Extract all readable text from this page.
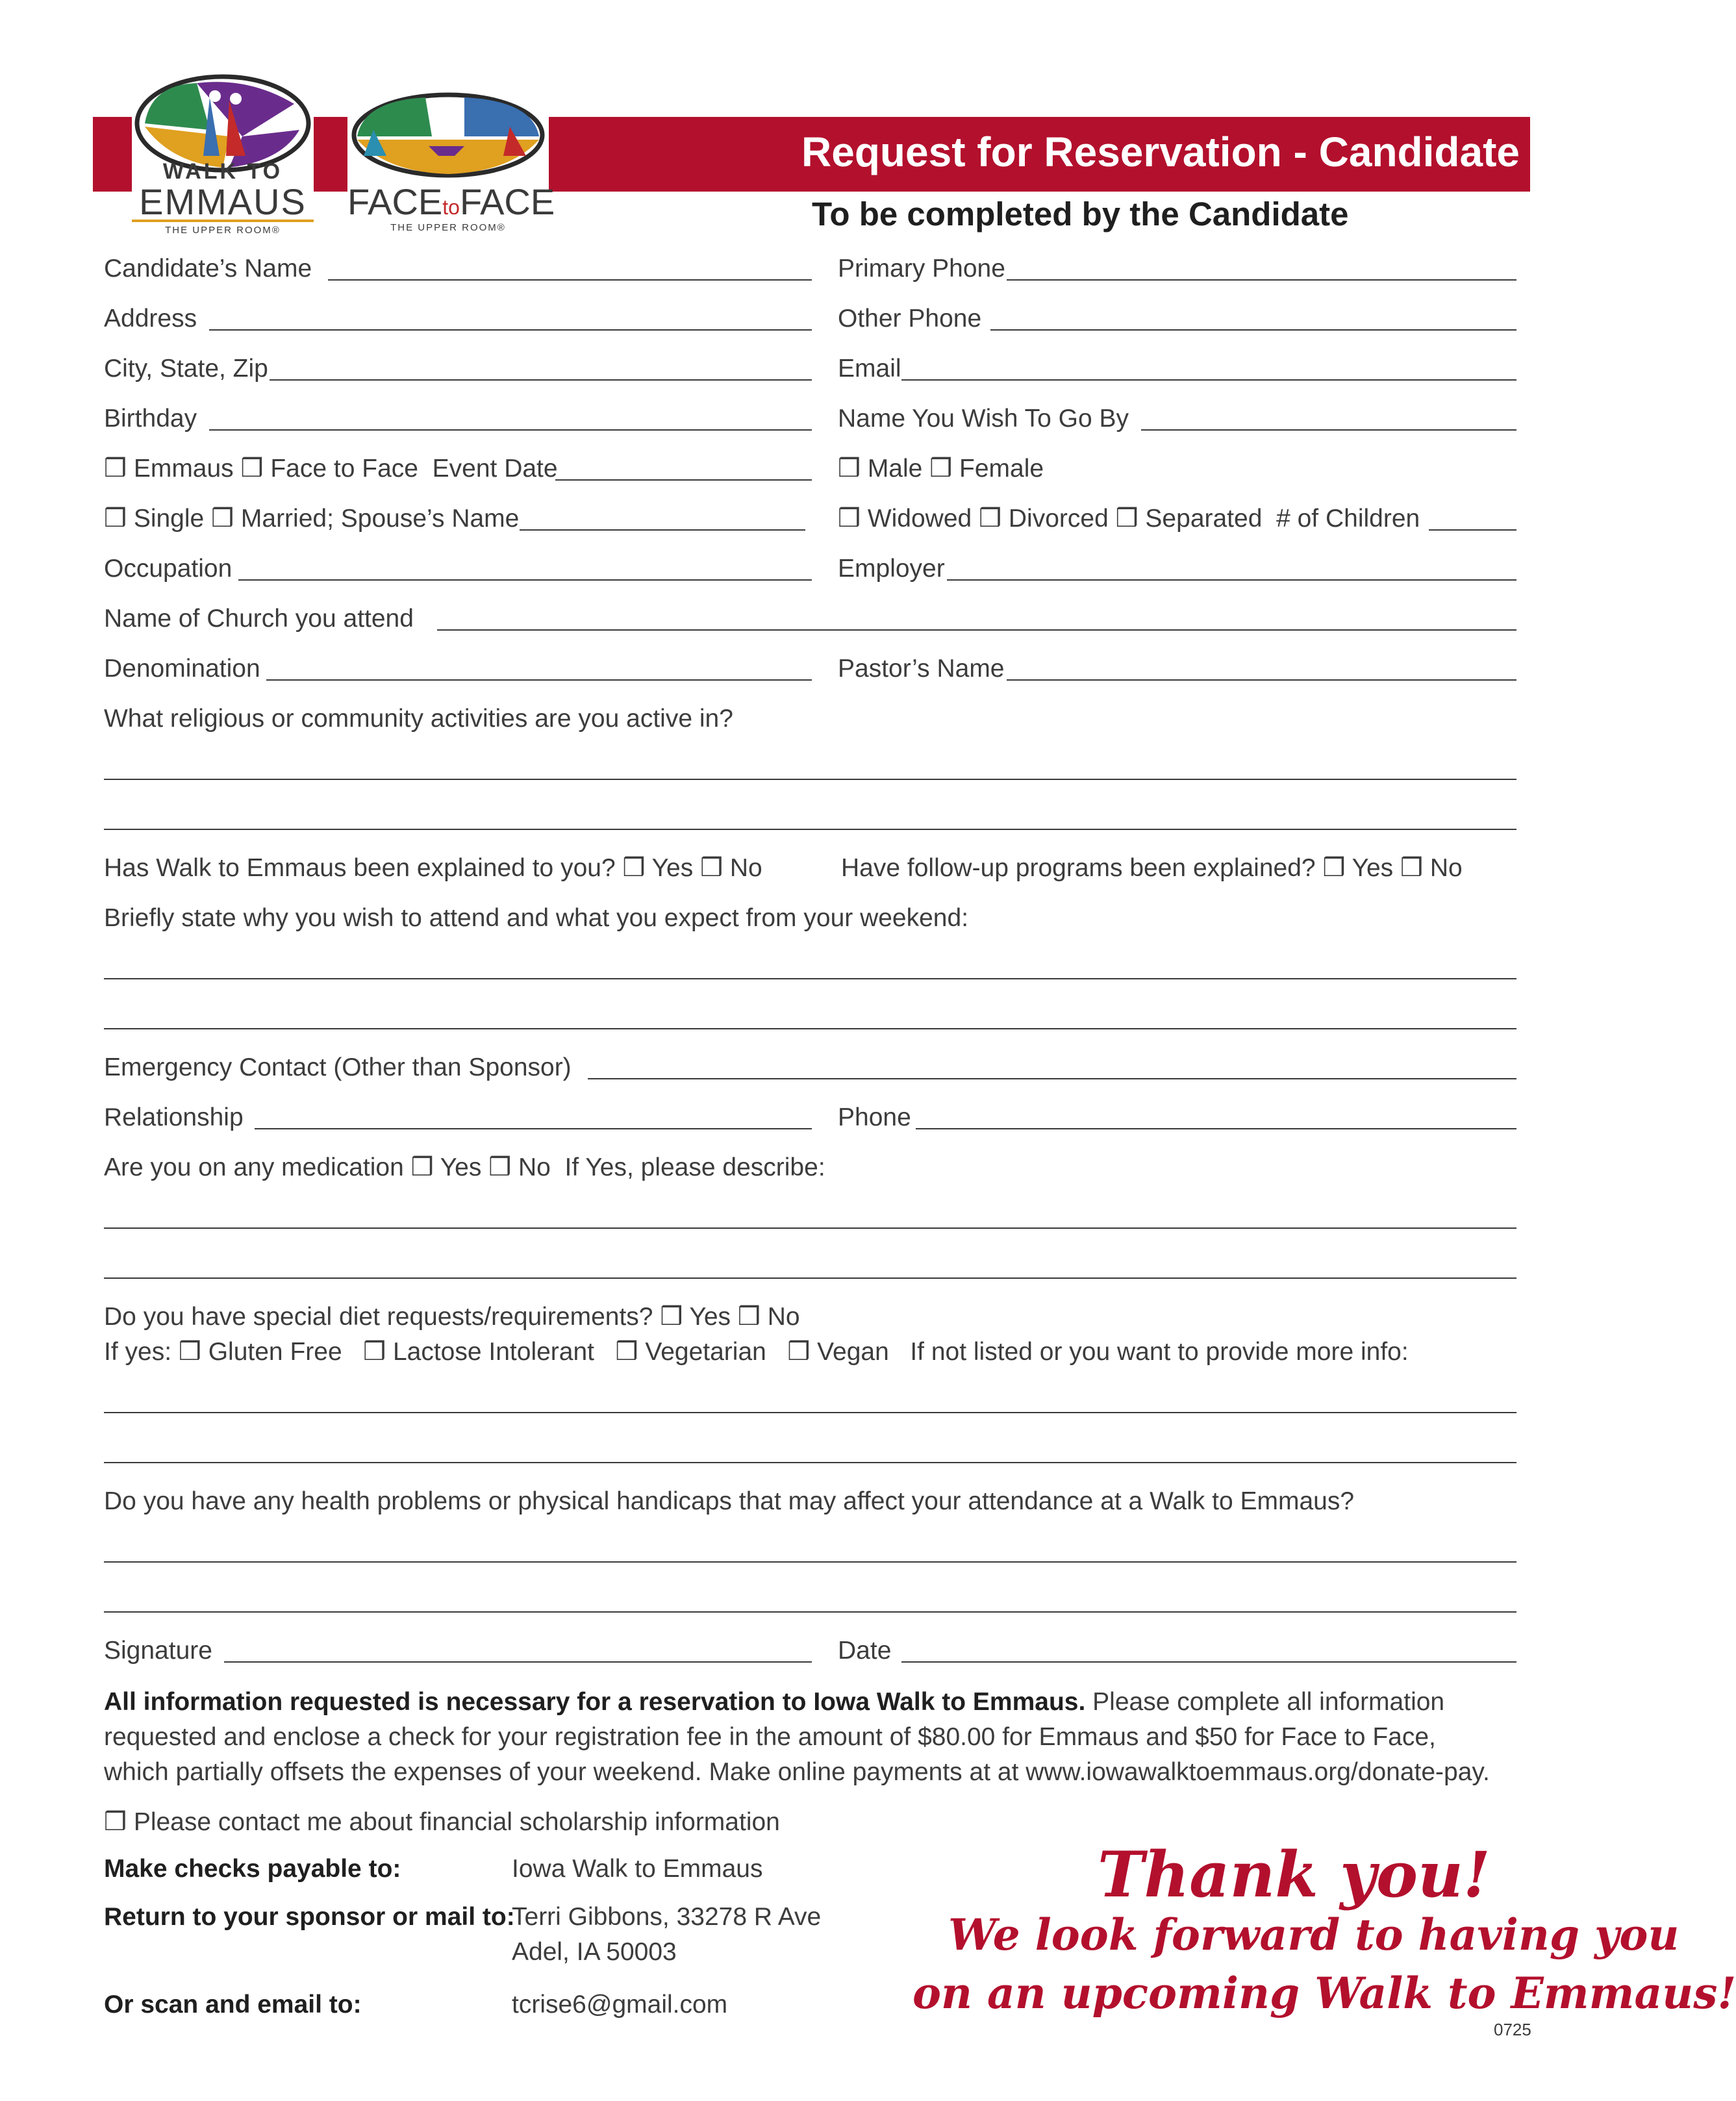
Request for Reservation - Candidate
To be completed by the Candidate
WALK TO
EMMAUS
THE UPPER ROOM®
FACEtoFACE
THE UPPER ROOM®
Candidate’s Name	Primary Phone
Address	Other Phone
City, State, Zip	Email
Birthday	Name You Wish To Go By
❒ Emmaus ❒ Face to Face Event Date	❒ Male ❒ Female
❒ Single ❒ Married; Spouse’s Name	❒ Widowed ❒ Divorced ❒ Separated # of Children
Occupation	Employer
Name of Church you attend
Denomination	Pastor’s Name
What religious or community activities are you active in?
Has Walk to Emmaus been explained to you? ❒ Yes ❒ No	Have follow-up programs been explained? ❒ Yes ❒ No
Briefly state why you wish to attend and what you expect from your weekend:
Emergency Contact (Other than Sponsor)
Relationship	Phone
Are you on any medication ❒ Yes ❒ No If Yes, please describe:
Do you have special diet requests/requirements? ❒ Yes ❒ No
If yes: ❒ Gluten Free ❒ Lactose Intolerant ❒ Vegetarian ❒ Vegan If not listed or you want to provide more info:
Do you have any health problems or physical handicaps that may affect your attendance at a Walk to Emmaus?
Signature	Date
All information requested is necessary for a reservation to Iowa Walk to Emmaus. Please complete all information
requested and enclose a check for your registration fee in the amount of $80.00 for Emmaus and $50 for Face to Face,
which partially offsets the expenses of your weekend. Make online payments at at www.iowawalktoemmaus.org/donate-pay.
❒ Please contact me about financial scholarship information
Make checks payable to:	Iowa Walk to Emmaus
Return to your sponsor or mail to:
Terri Gibbons, 33278 R Ave
Adel, IA 50003
Or scan and email to:	tcrise6@gmail.com
Thank you!
We look forward to having you
on an upcoming Walk to Emmaus!
0725
